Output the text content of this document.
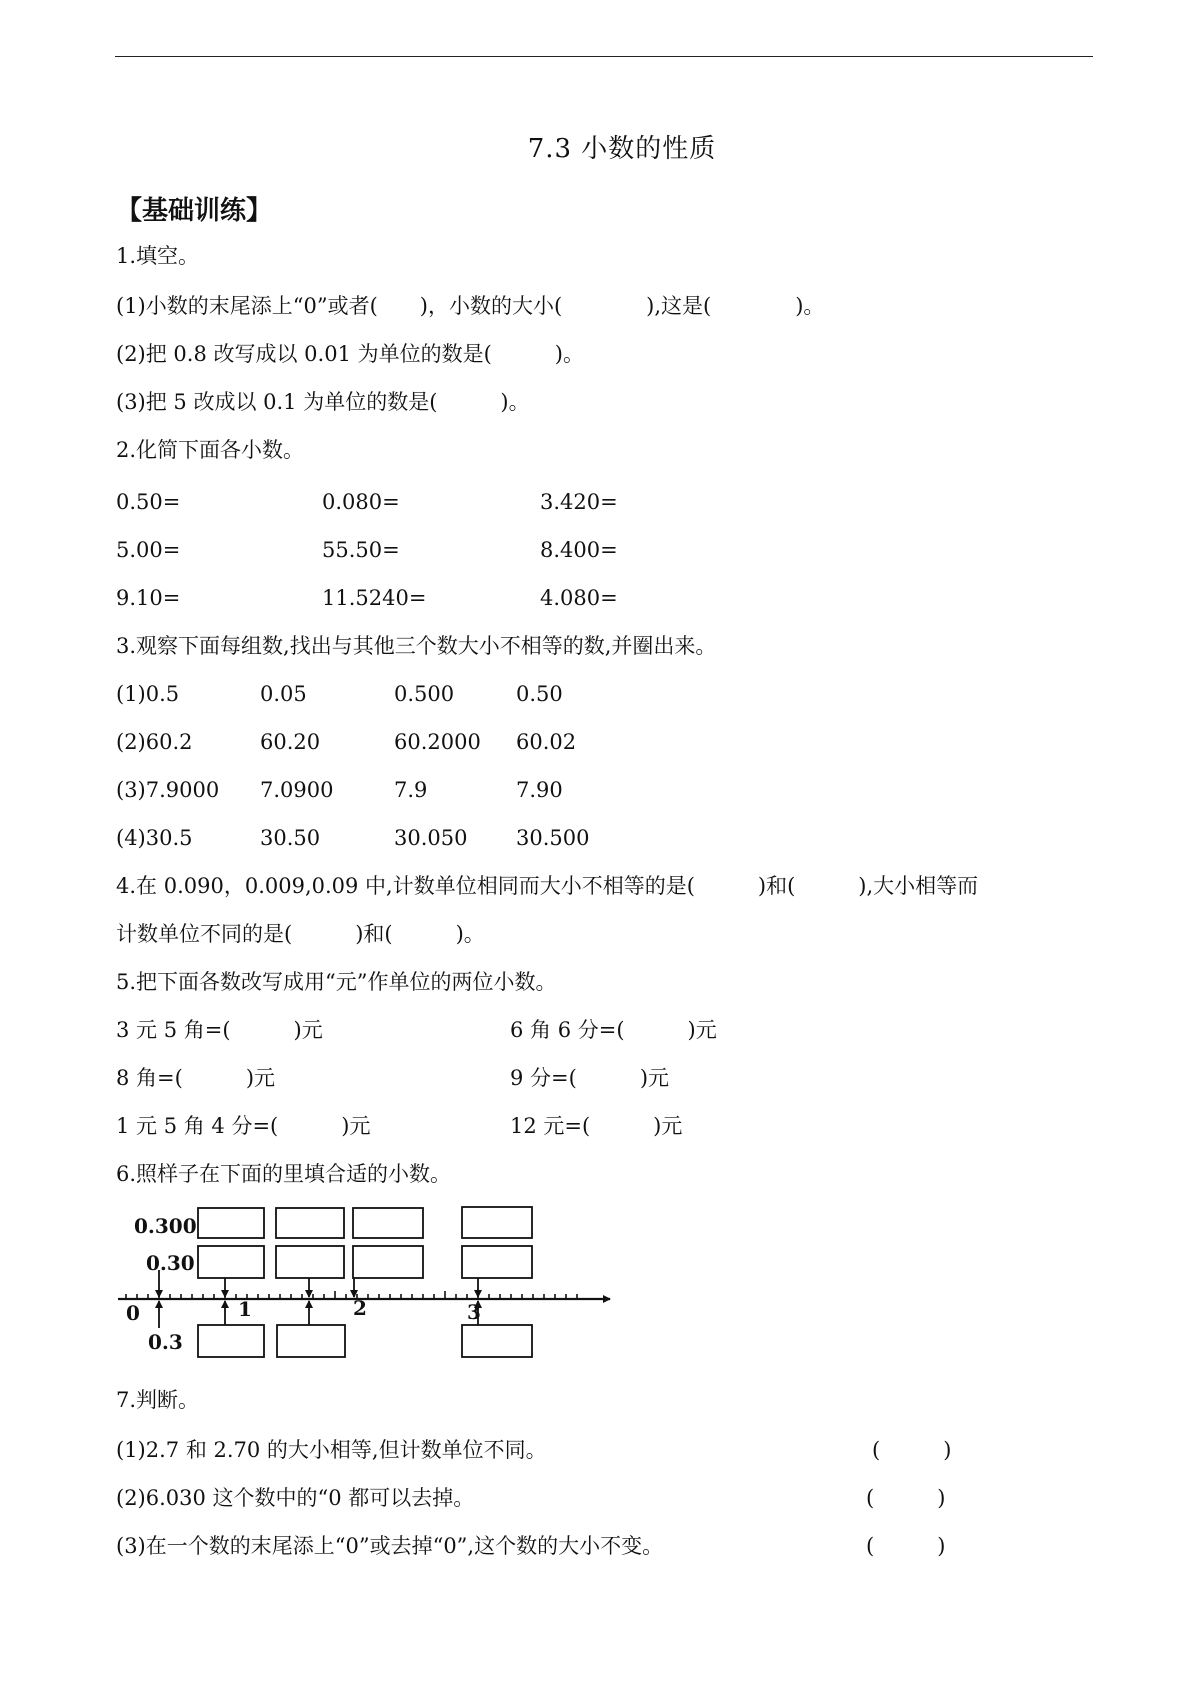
7.3 小数的性质
【基础训练】
1.填空。
(1)小数的末尾添上“0”或者(　　)，小数的大小(　　　　),这是(　　　　)。
(2)把 0.8 改写成以 0.01 为单位的数是(　　　)。
(3)把 5 改成以 0.1 为单位的数是(　　　)。
2.化简下面各小数。
0.50=	0.080=	3.420=
5.00=	55.50=	8.400=
9.10=	11.5240=	4.080=
3.观察下面每组数,找出与其他三个数大小不相等的数,并圈出来。
(1)0.5	0.05	0.500	0.50
(2)60.2	60.20	60.2000 60.02
(3)7.9000 7.0900	7.9	7.90
(4)30.5	30.50	30.050 30.500
4.在 0.090，0.009,0.09 中,计数单位相同而大小不相等的是(　　　)和(　　　),大小相等而
计数单位不同的是(　　　)和(　　　)。
5.把下面各数改写成用“元”作单位的两位小数。
3 元 5 角=(　　　)元	6 角 6 分=(　　　)元
8 角=(　　　)元	9 分=(　　　)元
1 元 5 角 4 分=(　　　)元	12 元=(　　　)元
6.照样子在下面的里填合适的小数。
0.300
0.30
0.3
0	1	2	3
7.判断。
(1)2.7 和 2.70 的大小相等,但计数单位不同。	(　　　)
(2)6.030 这个数中的“0 都可以去掉。	(　　　)
(3)在一个数的末尾添上“0”或去掉“0”,这个数的大小不变。	(　　　)
